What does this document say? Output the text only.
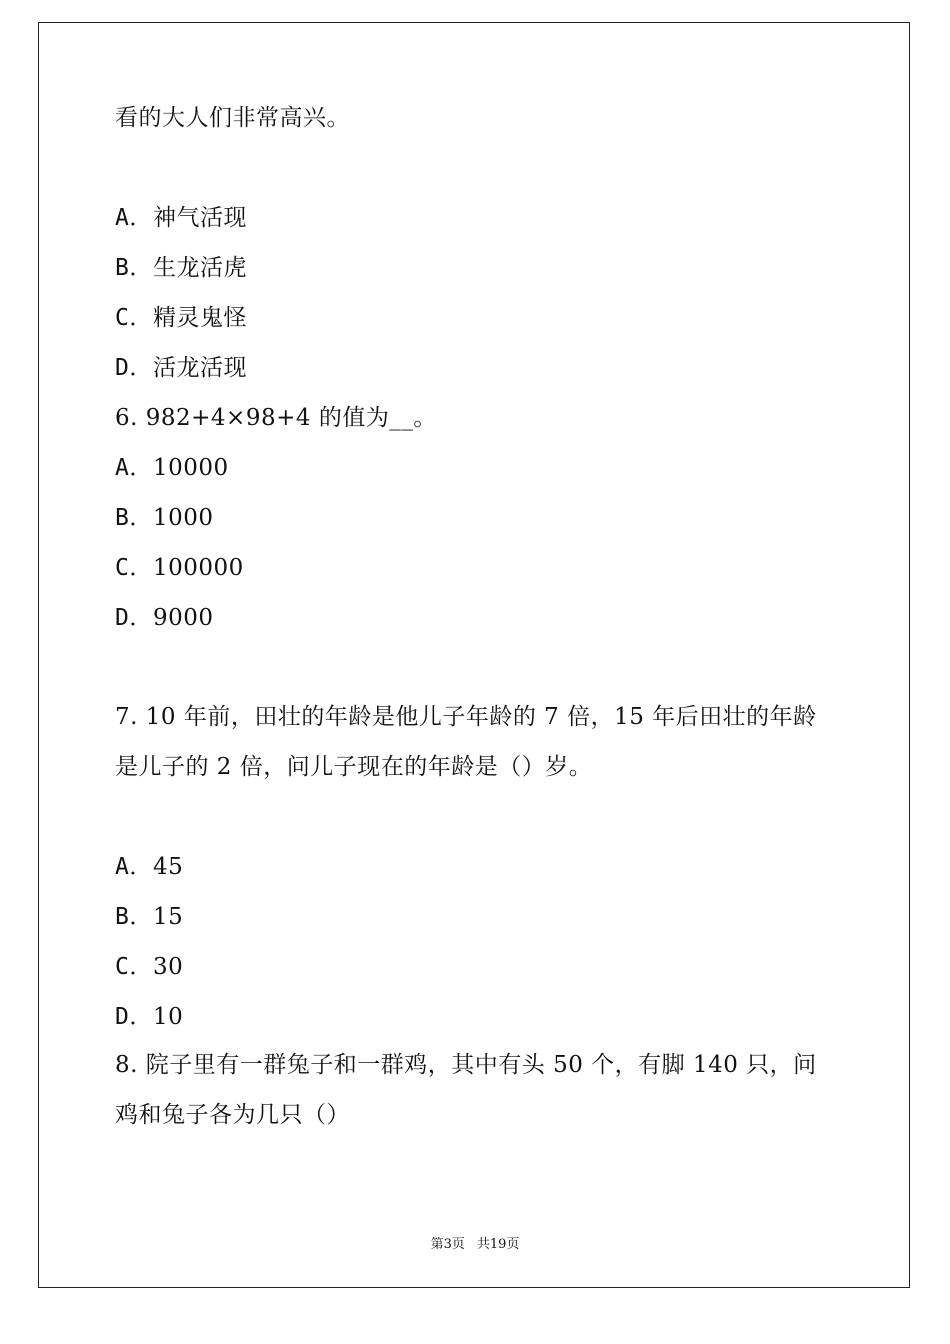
看的大人们非常高兴。
A．神气活现
B．生龙活虎
C．精灵鬼怪
D．活龙活现
6. 982+4×98+4 的值为__。
A．10000
B．1000
C．100000
D．9000
7. 10 年前，田壮的年龄是他儿子年龄的 7 倍，15 年后田壮的年龄
是儿子的 2 倍，问儿子现在的年龄是（）岁。
A．45
B．15
C．30
D．10
8. 院子里有一群兔子和一群鸡，其中有头 50 个，有脚 140 只，问
鸡和兔子各为几只（）
第3页 共19页
